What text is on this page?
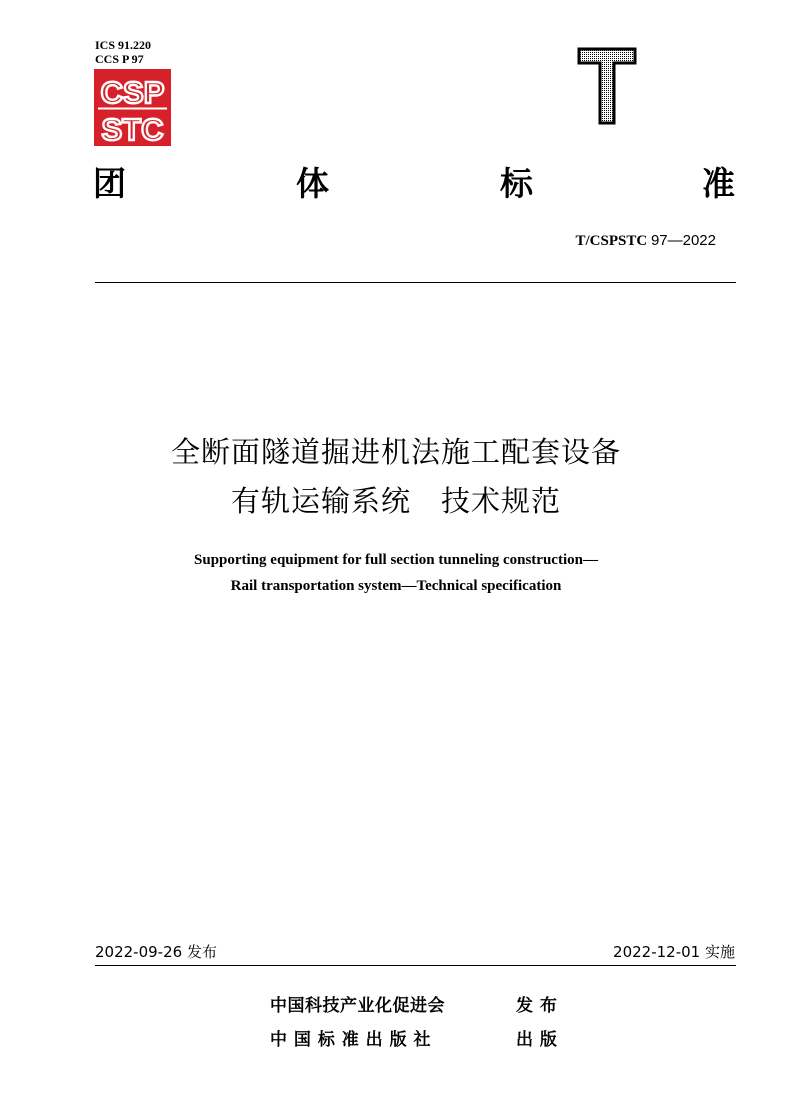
ICS 91.220
CCS P 97
CSP
STC
团	体	标	准
T/CSPSTC 97—2022
全断面隧道掘进机法施工配套设备
有轨运输系统　技术规范
Supporting equipment for full section tunneling construction—
Rail transportation system—Technical specification
2022-09-26 发布	2022-12-01 实施
中国科技产业化促进会	发 布
中 国 标 准 出 版 社	出 版
